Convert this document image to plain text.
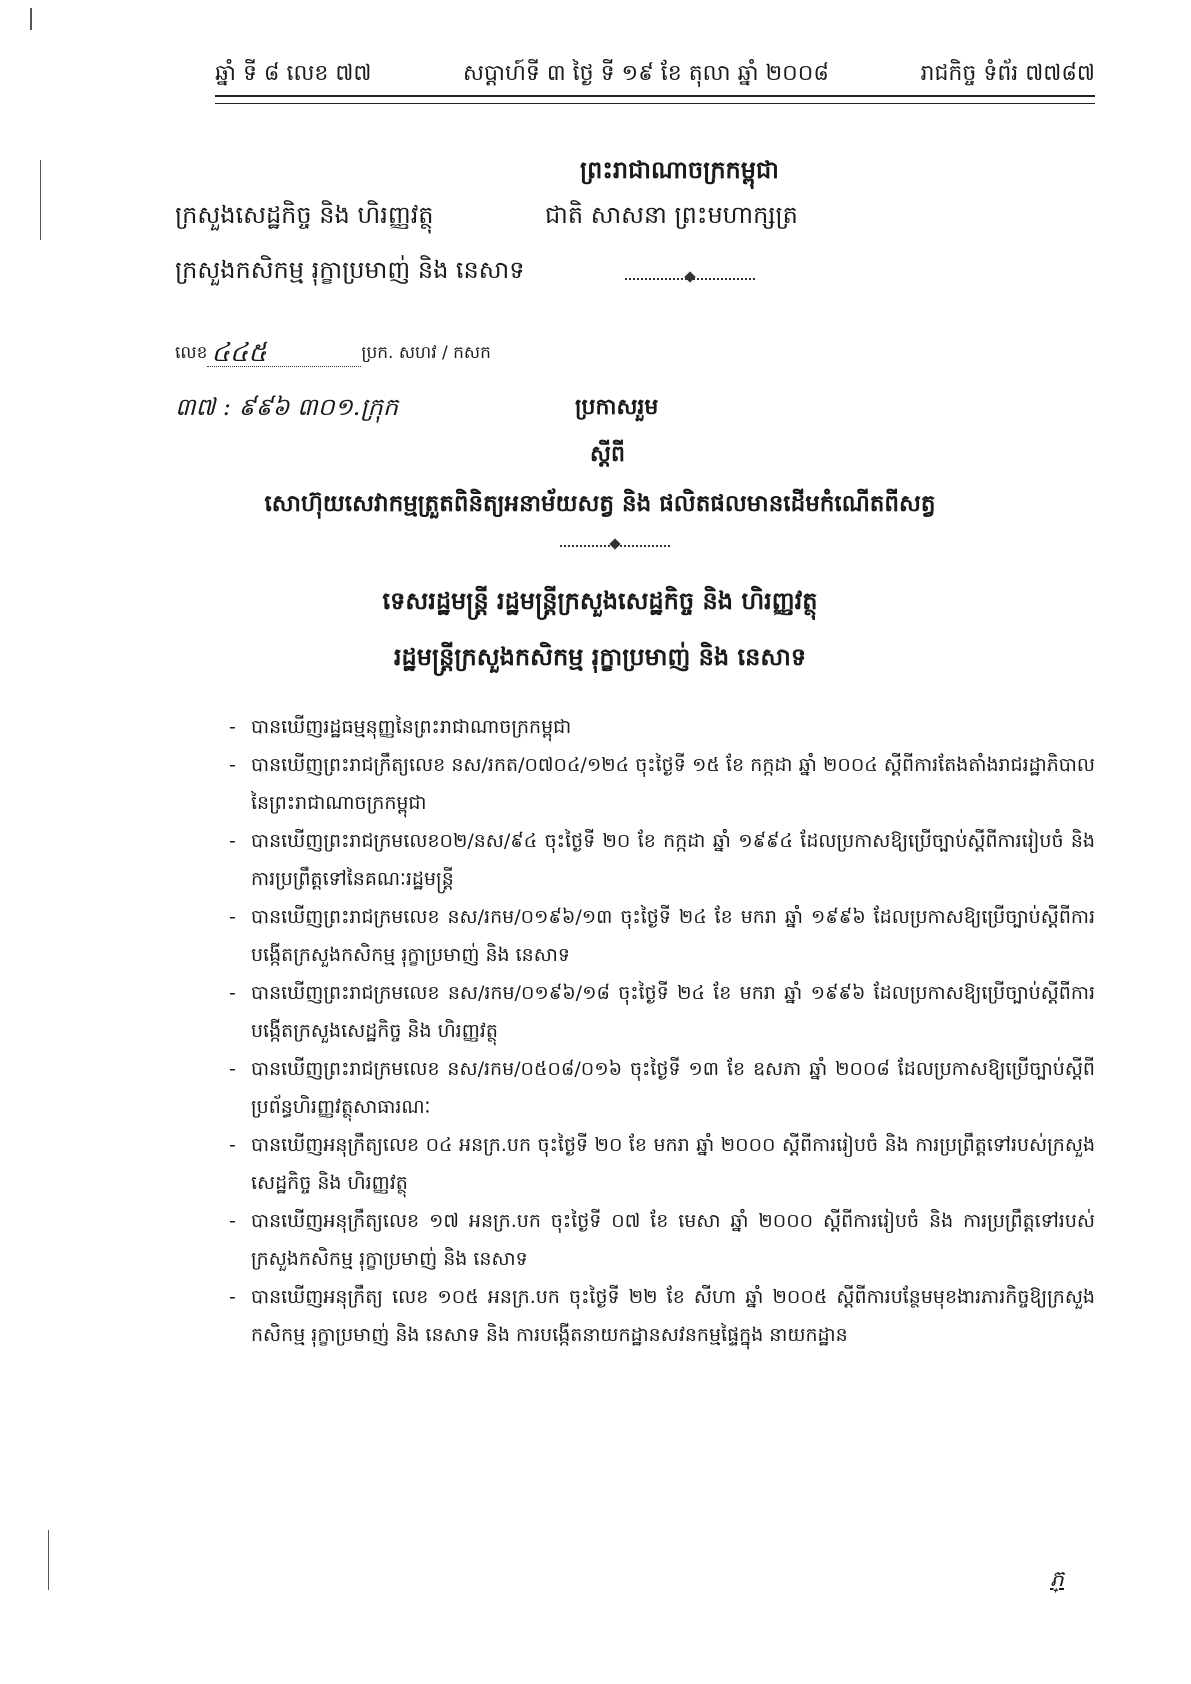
ឆ្នាំ ទី ៨ លេខ ៧៧	សប្តាហ៍ទី ៣ ថ្ងៃ ទី ១៩ ខែ តុលា ឆ្នាំ ២០០៨	រាជកិច្ច ទំព័រ ៧៧៨៧
ព្រះរាជាណាចក្រកម្ពុជា
ក្រសួងសេដ្ឋកិច្ច និង ហិរញ្ញវត្ថុ	ជាតិ សាសនា ព្រះមហាក្សត្រ
ក្រសួងកសិកម្ម រុក្ខាប្រមាញ់ និង នេសាទ
លេខ ៤៤៥	ប្រក. សហវ / កសក
៣៧ : ៩៩៦ ៣០១.ក្រុក	ប្រកាសរួម
ស្តីពី
សោហ៊ុយសេវាកម្មត្រួតពិនិត្យអនាម័យសត្វ និង ផលិតផលមានដើមកំណើតពីសត្វ
ទេសរដ្ឋមន្ត្រី រដ្ឋមន្ត្រីក្រសួងសេដ្ឋកិច្ច និង ហិរញ្ញវត្ថុ
រដ្ឋមន្ត្រីក្រសួងកសិកម្ម រុក្ខាប្រមាញ់ និង នេសាទ
- បានឃើញរដ្ឋធម្មនុញ្ញនៃព្រះរាជាណាចក្រកម្ពុជា
- បានឃើញព្រះរាជក្រឹត្យលេខ នស/រកត/០៧០៤/១២៤ ចុះថ្ងៃទី ១៥ ខែ កក្កដា ឆ្នាំ ២០០៤ ស្តីពីការតែងតាំងរាជរដ្ឋាភិបាលនៃព្រះរាជាណាចក្រកម្ពុជា
- បានឃើញព្រះរាជក្រមលេខ០២/នស/៩៤ ចុះថ្ងៃទី ២០ ខែ កក្កដា ឆ្នាំ ១៩៩៤ ដែលប្រកាសឱ្យប្រើច្បាប់ស្តីពីការរៀបចំ និង ការប្រព្រឹត្តទៅនៃគណៈរដ្ឋមន្ត្រី
- បានឃើញព្រះរាជក្រមលេខ នស/រកម/០១៩៦/១៣ ចុះថ្ងៃទី ២៤ ខែ មករា ឆ្នាំ ១៩៩៦ ដែលប្រកាសឱ្យប្រើច្បាប់ស្តីពីការបង្កើតក្រសួងកសិកម្ម រុក្ខាប្រមាញ់ និង នេសាទ
- បានឃើញព្រះរាជក្រមលេខ នស/រកម/០១៩៦/១៨ ចុះថ្ងៃទី ២៤ ខែ មករា ឆ្នាំ ១៩៩៦ ដែលប្រកាសឱ្យប្រើច្បាប់ស្តីពីការបង្កើតក្រសួងសេដ្ឋកិច្ច និង ហិរញ្ញវត្ថុ
- បានឃើញព្រះរាជក្រមលេខ នស/រកម/០៥០៨/០១៦ ចុះថ្ងៃទី ១៣ ខែ ឧសភា ឆ្នាំ ២០០៨ ដែលប្រកាសឱ្យប្រើច្បាប់ស្តីពីប្រព័ន្ធហិរញ្ញវត្ថុសាធារណៈ
- បានឃើញអនុក្រឹត្យលេខ ០៤ អនក្រ.បក ចុះថ្ងៃទី ២០ ខែ មករា ឆ្នាំ ២០០០ ស្តីពីការរៀបចំ និង ការប្រព្រឹត្តទៅរបស់ក្រសួងសេដ្ឋកិច្ច និង ហិរញ្ញវត្ថុ
- បានឃើញអនុក្រឹត្យលេខ ១៧ អនក្រ.បក ចុះថ្ងៃទី ០៧ ខែ មេសា ឆ្នាំ ២០០០ ស្តីពីការរៀបចំ និង ការប្រព្រឹត្តទៅរបស់ក្រសួងកសិកម្ម រុក្ខាប្រមាញ់ និង នេសាទ
- បានឃើញអនុក្រឹត្យ លេខ ១០៥ អនក្រ.បក ចុះថ្ងៃទី ២២ ខែ សីហា ឆ្នាំ ២០០៥ ស្តីពីការបន្ថែមមុខងារភារកិច្ចឱ្យក្រសួងកសិកម្ម រុក្ខាប្រមាញ់ និង នេសាទ និង ការបង្កើតនាយកដ្ឋានសវនកម្មផ្ទៃក្នុង នាយកដ្ឋាន
ភ្
